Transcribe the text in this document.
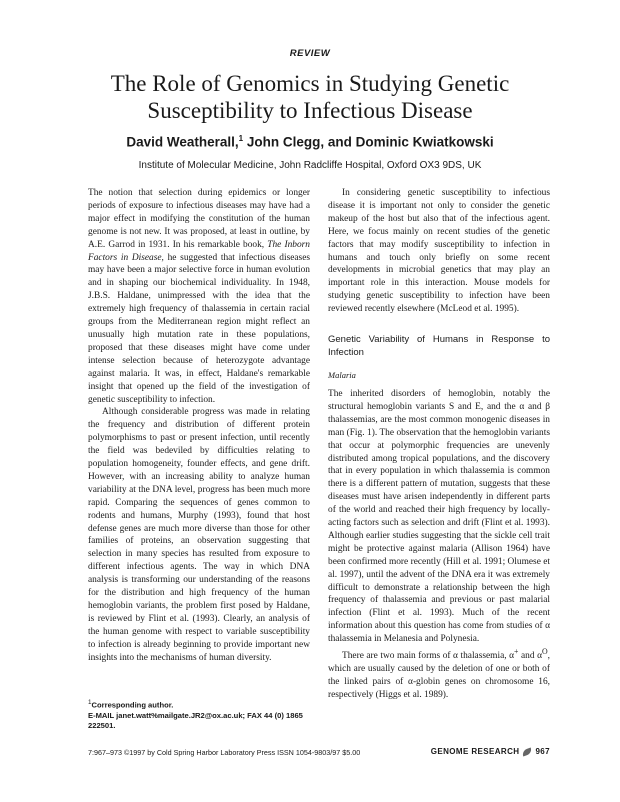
REVIEW
The Role of Genomics in Studying Genetic
Susceptibility to Infectious Disease
David Weatherall,$^1$ John Clegg, and Dominic Kwiatkowski
Institute of Molecular Medicine, John Radcliffe Hospital, Oxford OX3 9DS, UK

The notion that selection during epidemics or longer periods of exposure to infectious diseases may have had a major effect in modifying the constitution of the human genome is not new. It was proposed, at least in outline, by A.E. Garrod in 1931. In his remarkable book, The Inborn Factors in Disease, he suggested that infectious diseases may have been a major selective force in human evolution and in shaping our biochemical individuality. In 1948, J.B.S. Haldane, unimpressed with the idea that the extremely high frequency of thalassemia in certain racial groups from the Mediterranean region might reflect an unusually high mutation rate in these populations, proposed that these diseases might have come under intense selection because of heterozygote advantage against malaria. It was, in effect, Haldane's remarkable insight that opened up the field of the investigation of genetic susceptibility to infection.

Although considerable progress was made in relating the frequency and distribution of different protein polymorphisms to past or present infection, until recently the field was bedeviled by difficulties relating to population homogeneity, founder effects, and gene drift. However, with an increasing ability to analyze human variability at the DNA level, progress has been much more rapid. Comparing the sequences of genes common to rodents and humans, Murphy (1993), found that host defense genes are much more diverse than those for other families of proteins, an observation suggesting that selection in many species has resulted from exposure to different infectious agents. The way in which DNA analysis is transforming our understanding of the reasons for the distribution and high frequency of the human hemoglobin variants, the problem first posed by Haldane, is reviewed by Flint et al. (1993). Clearly, an analysis of the human genome with respect to variable susceptibility to infection is already beginning to provide important new insights into the mechanisms of human diversity.

In considering genetic susceptibility to infectious disease it is important not only to consider the genetic makeup of the host but also that of the infectious agent. Here, we focus mainly on recent studies of the genetic factors that may modify susceptibility to infection in humans and touch only briefly on some recent developments in microbial genetics that may play an important role in this interaction. Mouse models for studying genetic susceptibility to infection have been reviewed recently elsewhere (McLeod et al. 1995).

Genetic Variability of Humans in Response to Infection
Malaria

The inherited disorders of hemoglobin, notably the structural hemoglobin variants S and E, and the α and β thalassemias, are the most common monogenic diseases in man (Fig. 1). The observation that the hemoglobin variants that occur at polymorphic frequencies are unevenly distributed among tropical populations, and the discovery that in every population in which thalassemia is common there is a different pattern of mutation, suggests that these diseases must have arisen independently in different parts of the world and reached their high frequency by locally-acting factors such as selection and drift (Flint et al. 1993). Although earlier studies suggesting that the sickle cell trait might be protective against malaria (Allison 1964) have been confirmed more recently (Hill et al. 1991; Olumese et al. 1997), until the advent of the DNA era it was extremely difficult to demonstrate a relationship between the high frequency of thalassemia and previous or past malarial infection (Flint et al. 1993). Much of the recent information about this question has come from studies of α thalassemia in Melanesia and Polynesia.

There are two main forms of α thalassemia, α+ and $\alpha^O$, which are usually caused by the deletion of one or both of the linked pairs of α-globin genes on chromosome 16, respectively (Higgs et al. 1989).

$^1$Corresponding author.
E-MAIL janet.watt%mailgate.JR2@ox.ac.uk; FAX 44 (0) 1865 222501.
7:967–973 ©1997 by Cold Spring Harbor Laboratory Press ISSN 1054-9803/97 $5.00	GENOME RESEARCH 967
